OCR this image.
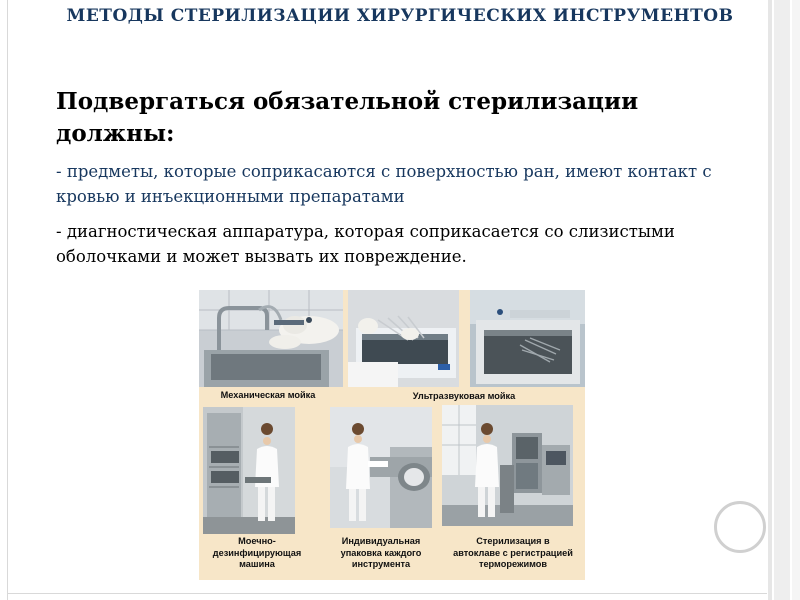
МЕТОДЫ СТЕРИЛИЗАЦИИ ХИРУРГИЧЕСКИХ ИНСТРУМЕНТОВ
Подвергаться обязательной стерилизации должны:
- предметы, которые соприкасаются с поверхностью ран, имеют контакт с кровью и инъекционными препаратами
- диагностическая аппаратура, которая соприкасается со слизистыми оболочками и может вызвать их повреждение.
Механическая мойка	Ультразвуковая мойка
Моечно-дезинфицирующая машина
Индивидуальная упаковка каждого инструмента
Стерилизация в автоклаве с регистрацией терморежимов
